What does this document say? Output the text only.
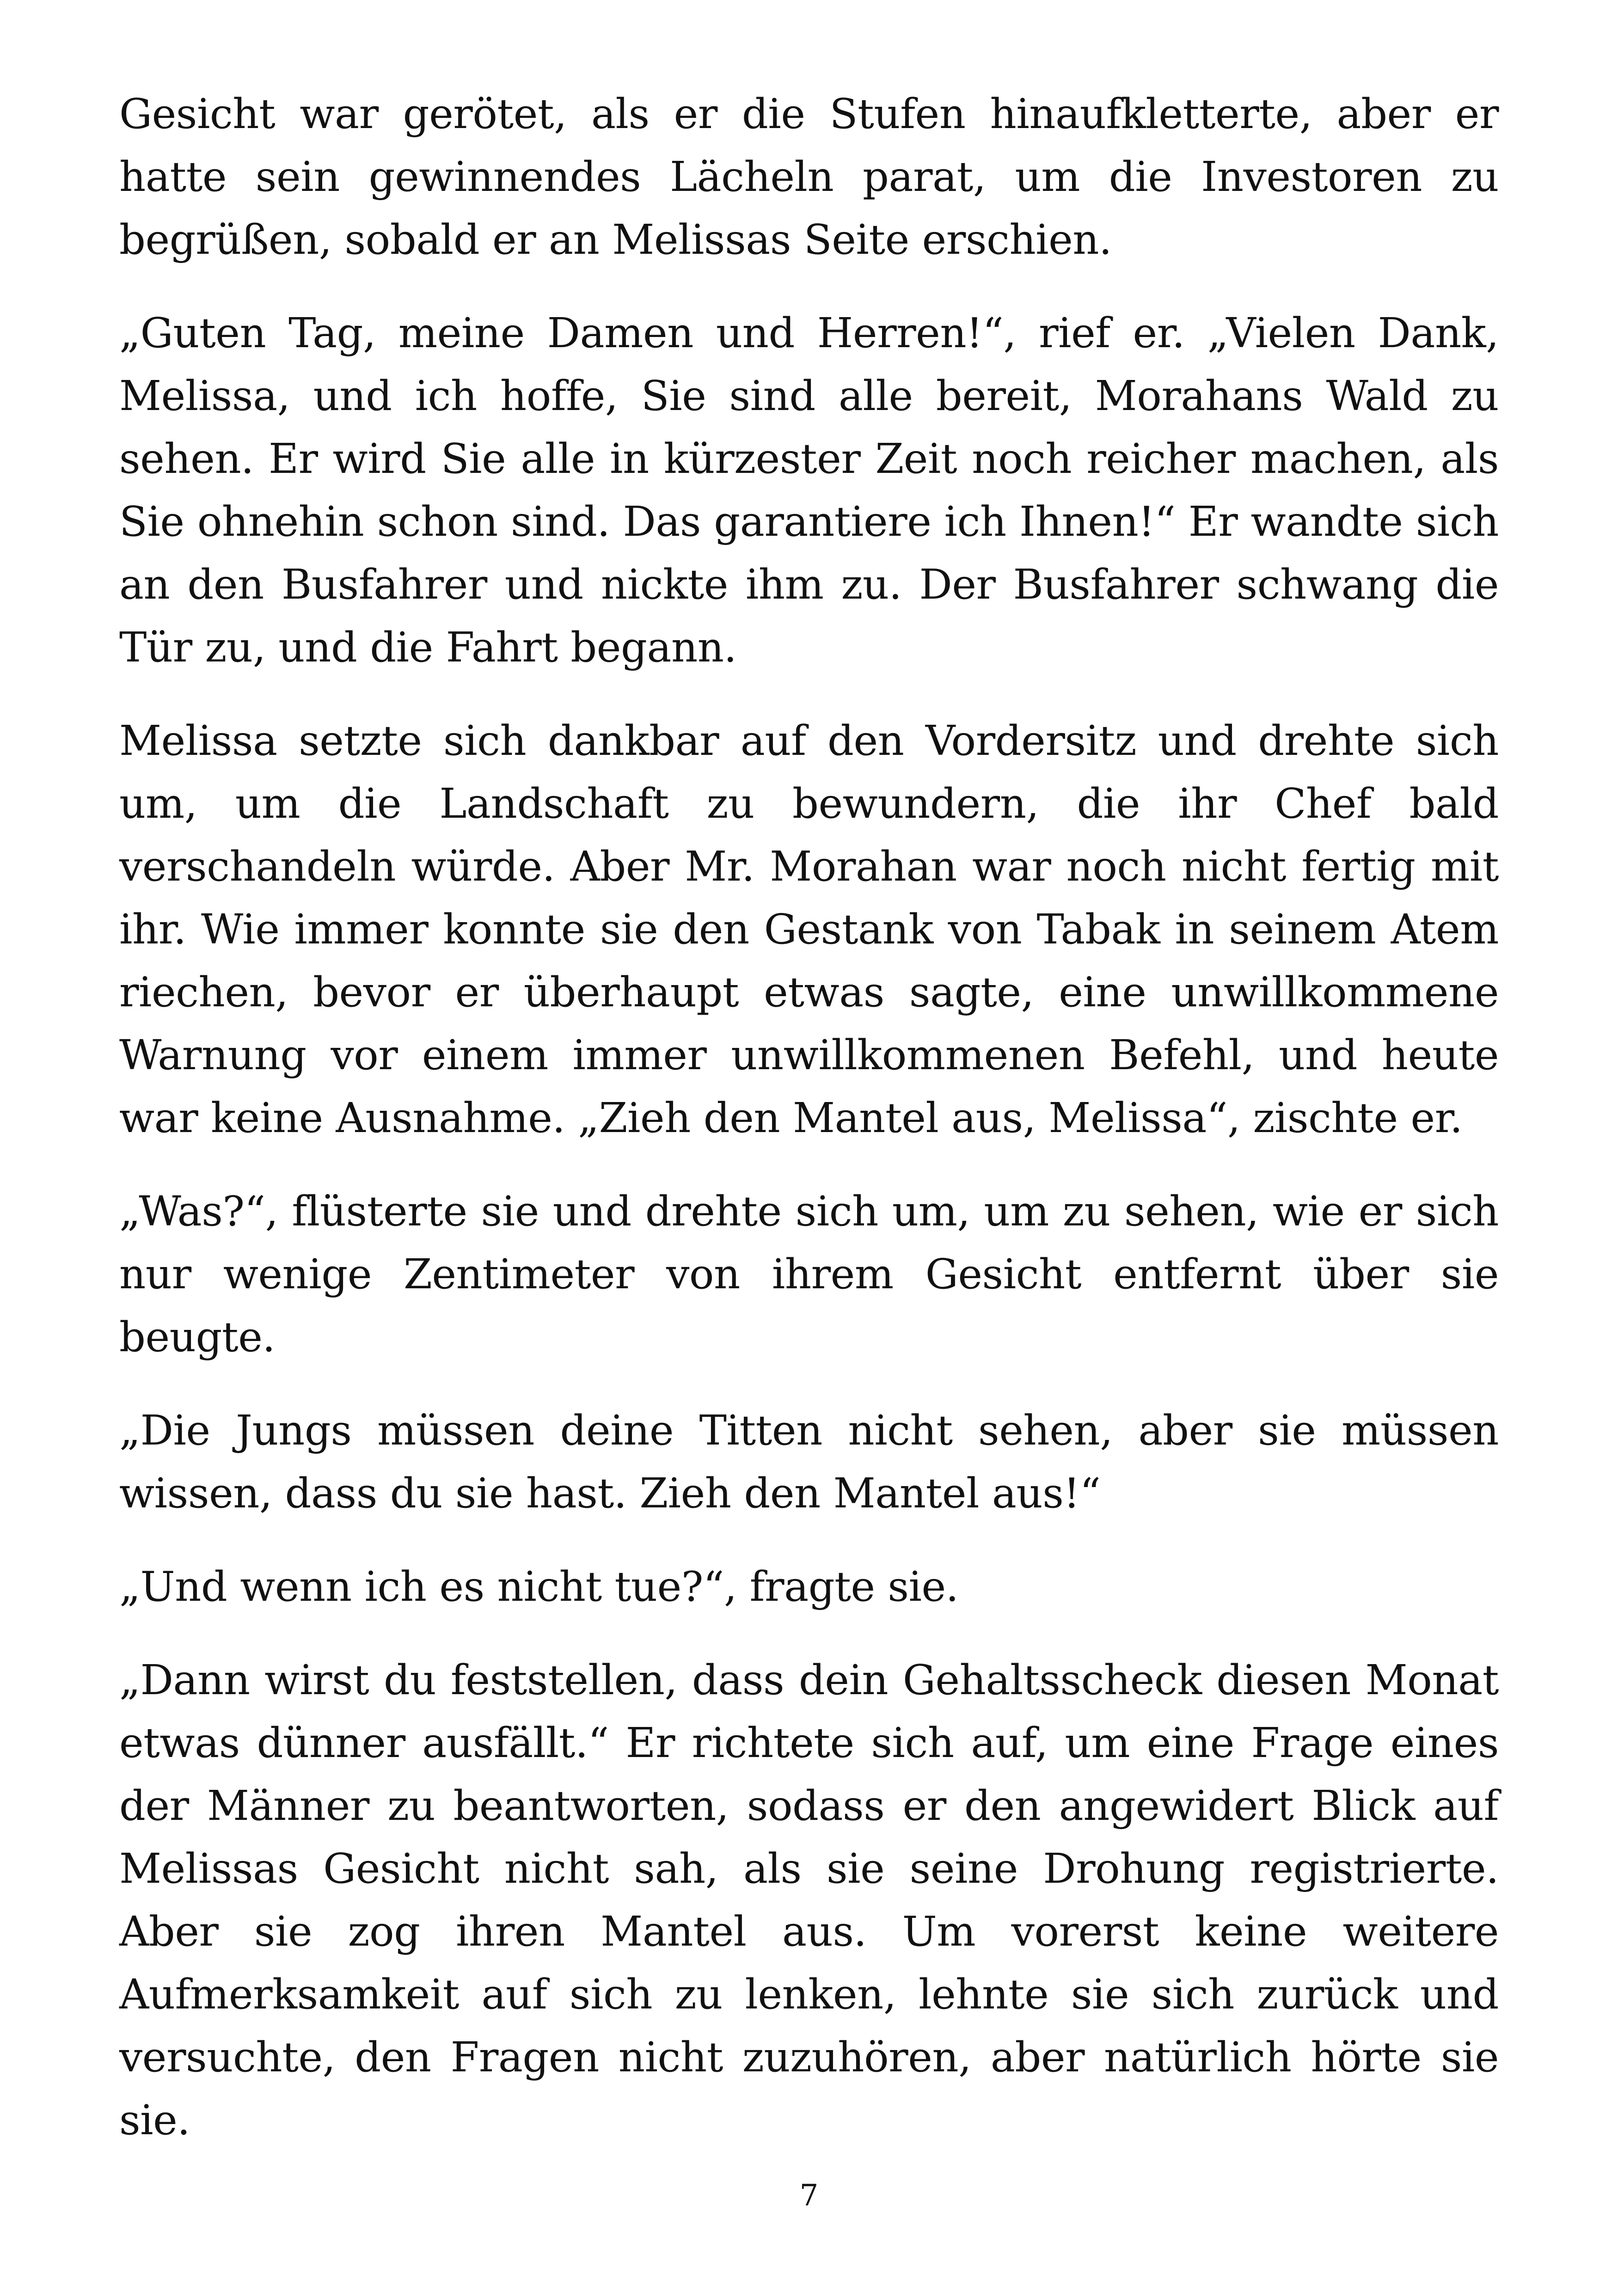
Gesicht war gerötet, als er die Stufen hinaufkletterte, aber er hatte sein gewinnendes Lächeln parat, um die Investoren zu begrüßen, sobald er an Melissas Seite erschien.

„Guten Tag, meine Damen und Herren!“, rief er. „Vielen Dank, Melissa, und ich hoffe, Sie sind alle bereit, Morahans Wald zu sehen. Er wird Sie alle in kürzester Zeit noch reicher machen, als Sie ohnehin schon sind. Das garantiere ich Ihnen!“ Er wandte sich an den Busfahrer und nickte ihm zu. Der Busfahrer schwang die Tür zu, und die Fahrt begann.

Melissa setzte sich dankbar auf den Vordersitz und drehte sich um, um die Landschaft zu bewundern, die ihr Chef bald verschandeln würde. Aber Mr. Morahan war noch nicht fertig mit ihr. Wie immer konnte sie den Gestank von Tabak in seinem Atem riechen, bevor er überhaupt etwas sagte, eine unwillkommene Warnung vor einem immer unwillkommenen Befehl, und heute war keine Ausnahme. „Zieh den Mantel aus, Melissa“, zischte er.

„Was?“, flüsterte sie und drehte sich um, um zu sehen, wie er sich nur wenige Zentimeter von ihrem Gesicht entfernt über sie beugte.

„Die Jungs müssen deine Titten nicht sehen, aber sie müssen wissen, dass du sie hast. Zieh den Mantel aus!“

„Und wenn ich es nicht tue?“, fragte sie.

„Dann wirst du feststellen, dass dein Gehaltsscheck diesen Monat etwas dünner ausfällt.“ Er richtete sich auf, um eine Frage eines der Männer zu beantworten, sodass er den angewidert Blick auf Melissas Gesicht nicht sah, als sie seine Drohung registrierte. Aber sie zog ihren Mantel aus. Um vorerst keine weitere Aufmerksamkeit auf sich zu lenken, lehnte sie sich zurück und versuchte, den Fragen nicht zuzuhören, aber natürlich hörte sie sie.

7
